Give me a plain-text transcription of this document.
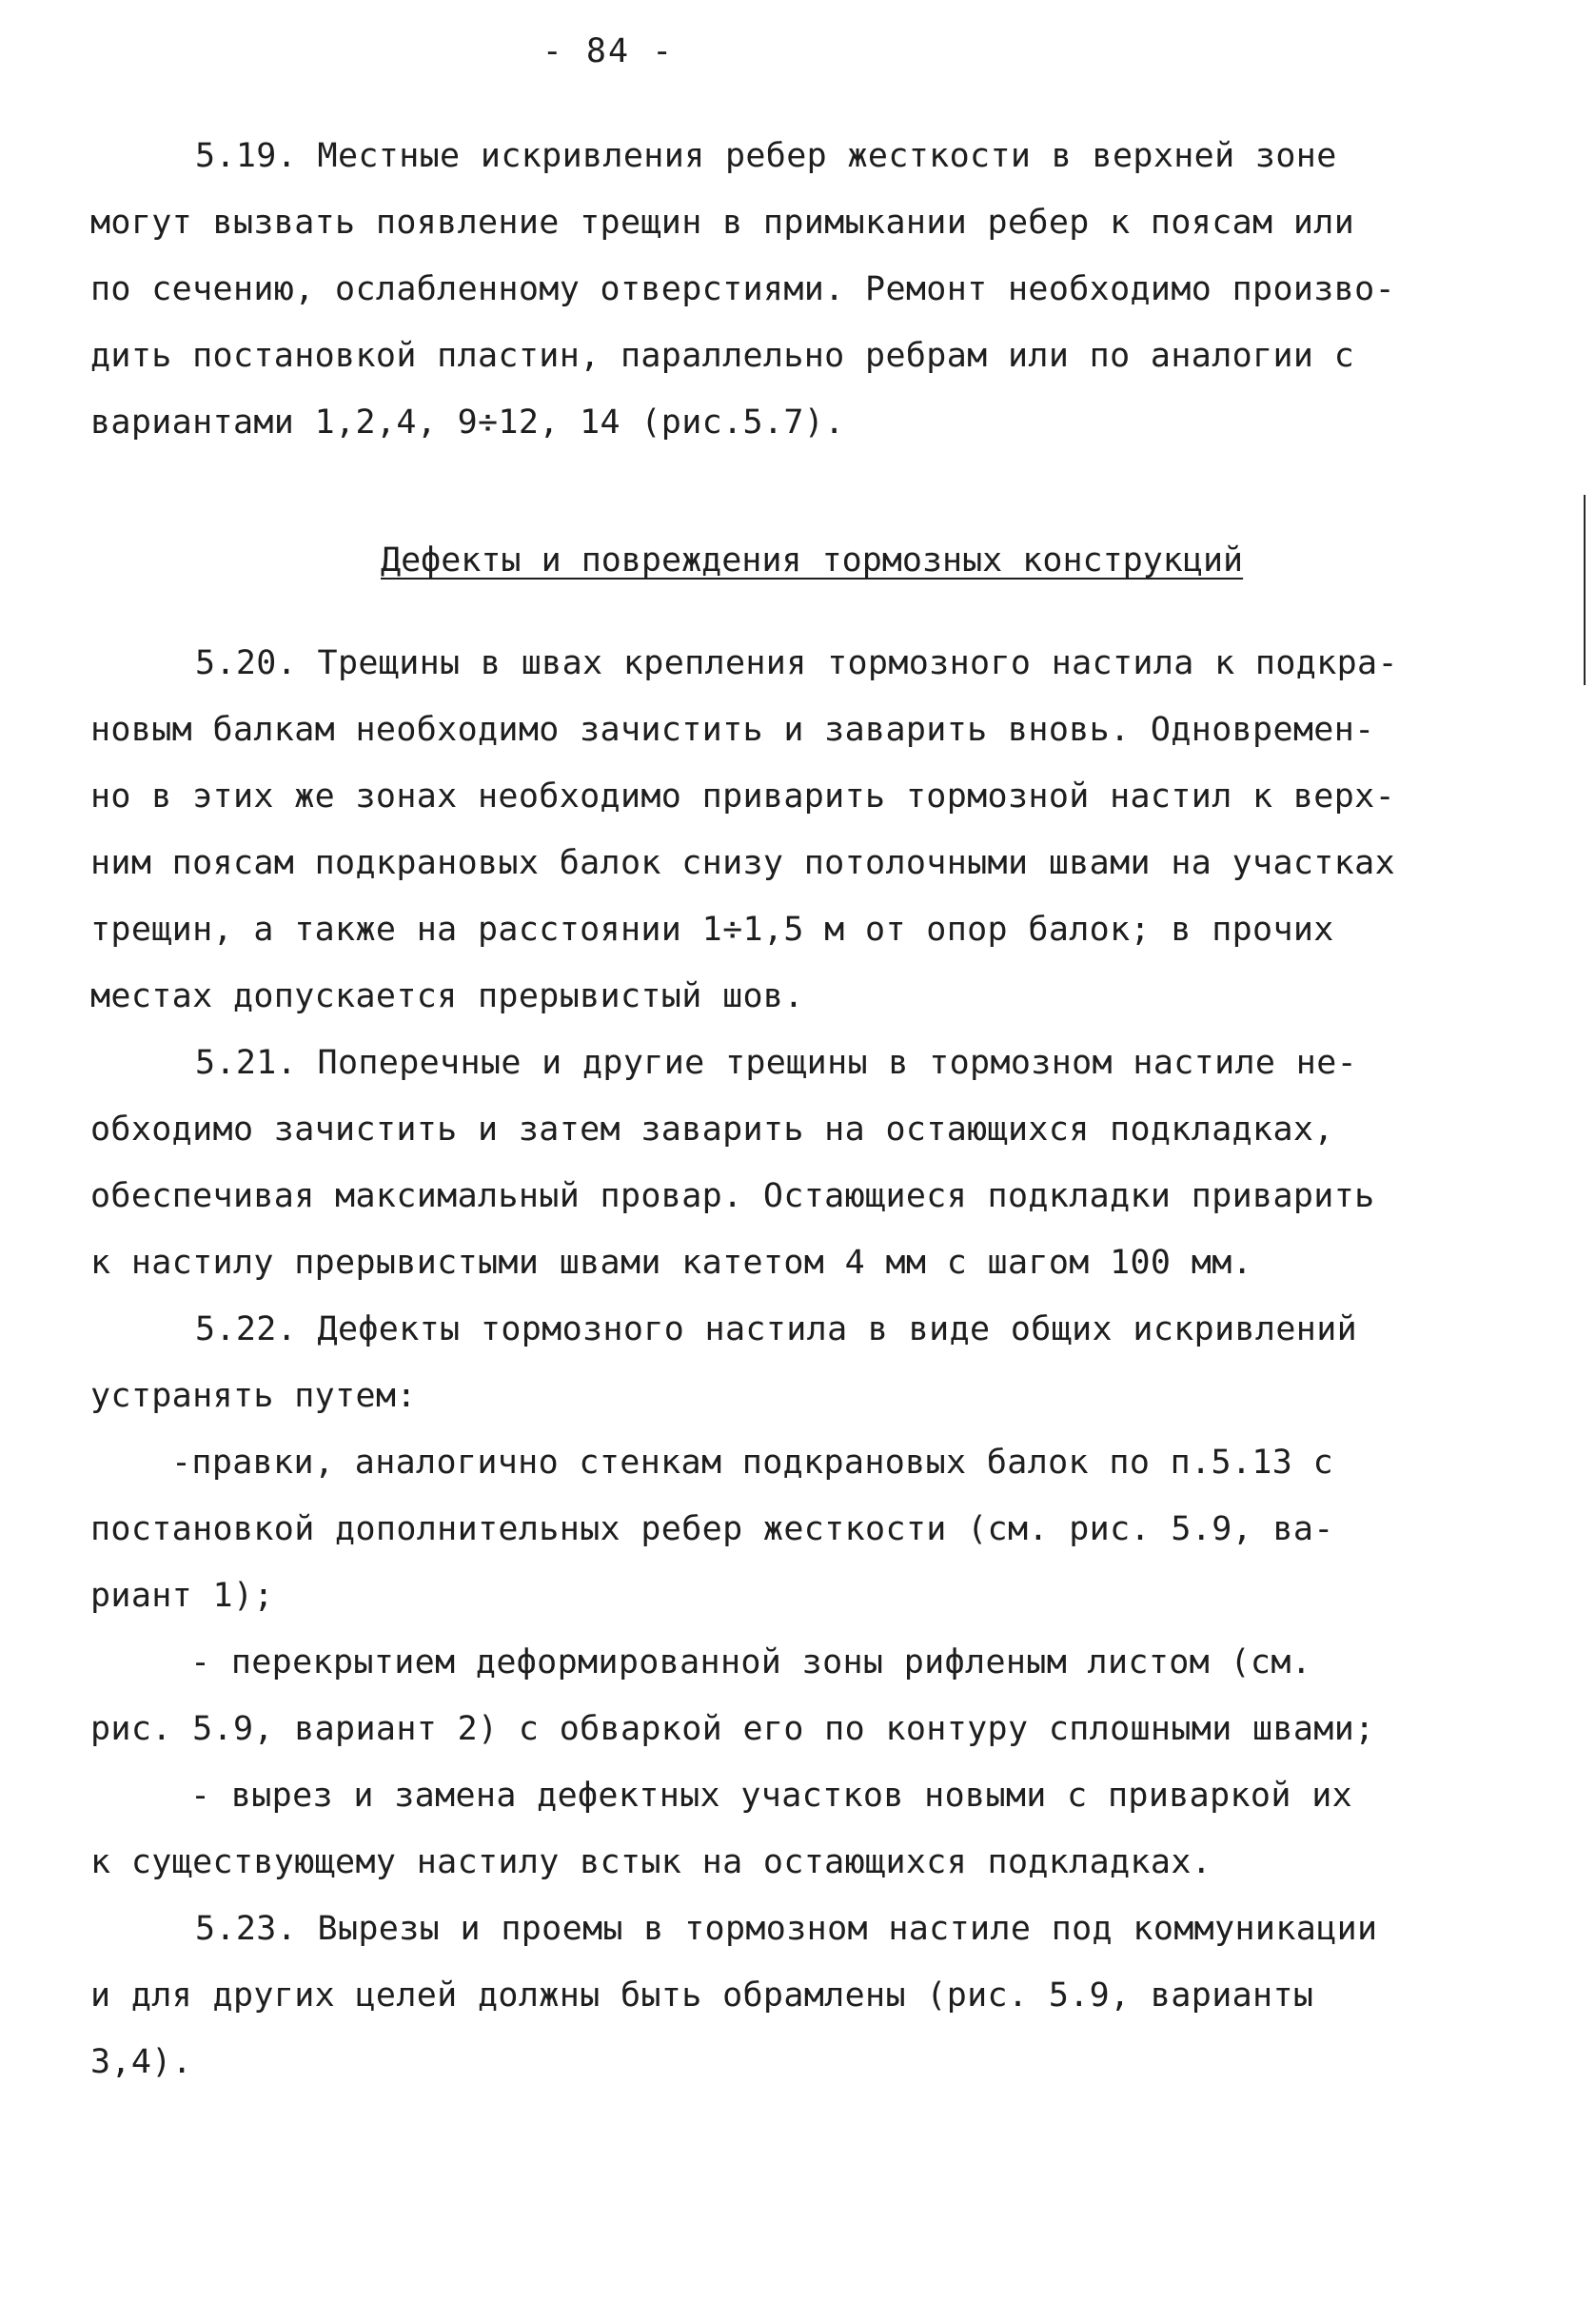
- 84 -
5.19. Местные искривления ребер жесткости в верхней зоне
могут вызвать появление трещин в примыкании ребер к поясам или
по сечению, ослабленному отверстиями. Ремонт необходимо произво-
дить постановкой пластин, параллельно ребрам или по аналогии с
вариантами 1,2,4, 9÷12, 14 (рис.5.7).
Дефекты и повреждения тормозных конструкций
5.20. Трещины в швах крепления тормозного настила к подкра-
новым балкам необходимо зачистить и заварить вновь. Одновремен-
но в этих же зонах необходимо приварить тормозной настил к верх-
ним поясам подкрановых балок снизу потолочными швами на участках
трещин, а также на расстоянии 1÷1,5 м от опор балок; в прочих
местах допускается прерывистый шов.
5.21. Поперечные и другие трещины в тормозном настиле не-
обходимо зачистить и затем заварить на остающихся подкладках,
обеспечивая максимальный провар. Остающиеся подкладки приварить
к настилу прерывистыми швами катетом 4 мм с шагом 100 мм.
5.22. Дефекты тормозного настила в виде общих искривлений
устранять путем:
-правки, аналогично стенкам подкрановых балок по п.5.13 с
постановкой дополнительных ребер жесткости (см. рис. 5.9, ва-
риант 1);
- перекрытием деформированной зоны рифленым листом (см.
рис. 5.9, вариант 2) с обваркой его по контуру сплошными швами;
- вырез и замена дефектных участков новыми с приваркой их
к существующему настилу встык на остающихся подкладках.
5.23. Вырезы и проемы в тормозном настиле под коммуникации
и для других целей должны быть обрамлены (рис. 5.9, варианты
3,4).
